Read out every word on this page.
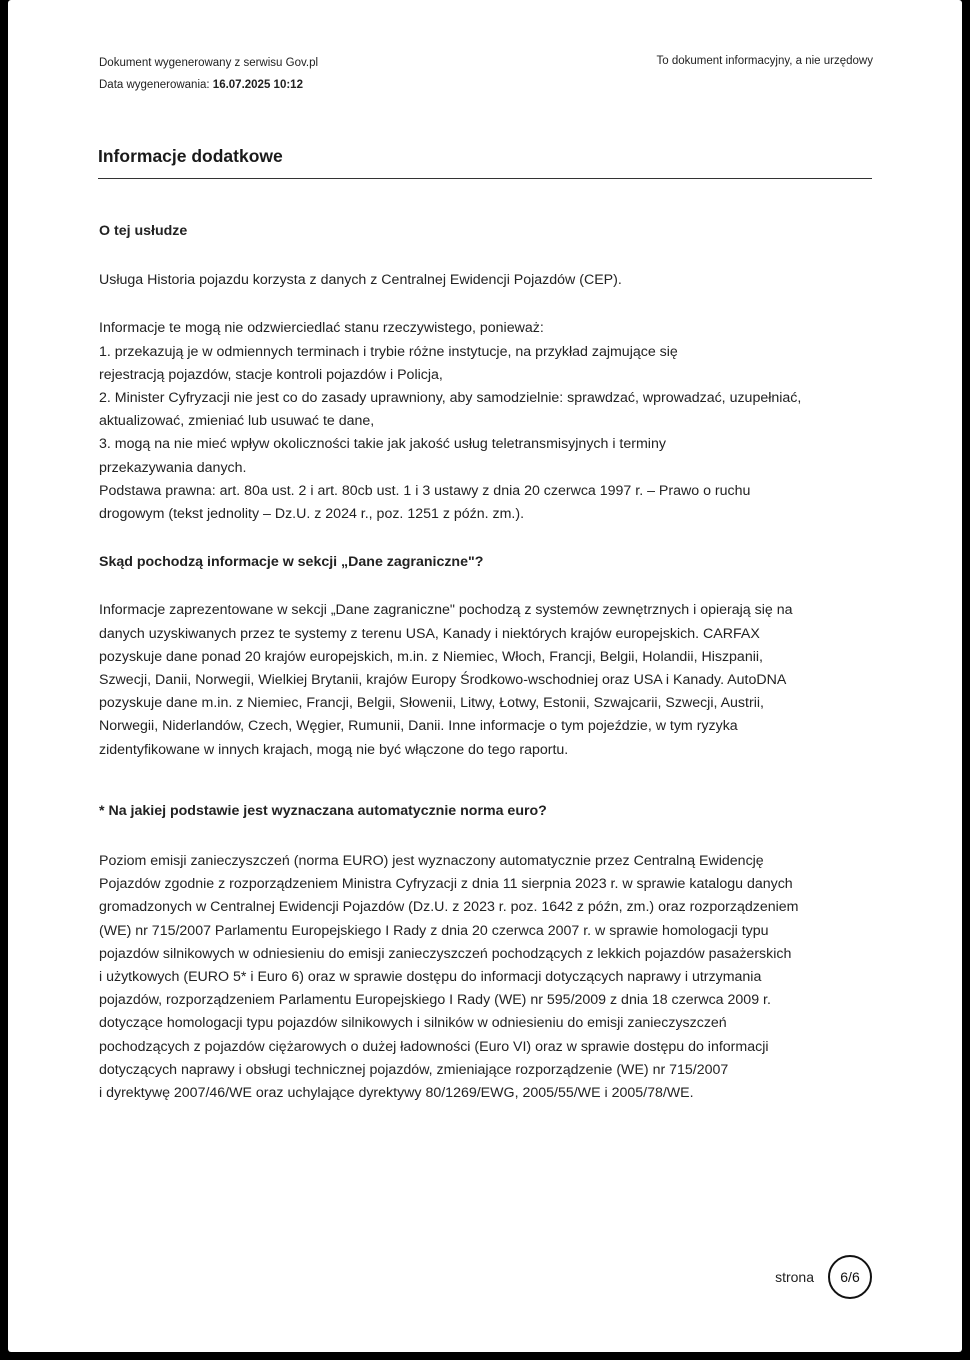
Dokument wygenerowany z serwisu Gov.pl
Data wygenerowania: 16.07.2025 10:12
To dokument informacyjny, a nie urzędowy
Informacje dodatkowe
O tej usłudze

Usługa Historia pojazdu korzysta z danych z Centralnej Ewidencji Pojazdów (CEP).

Informacje te mogą nie odzwierciedlać stanu rzeczywistego, ponieważ:

1. przekazują je w odmiennych terminach i trybie różne instytucje, na przykład zajmujące się

rejestracją pojazdów, stacje kontroli pojazdów i Policja,

2. Minister Cyfryzacji nie jest co do zasady uprawniony, aby samodzielnie: sprawdzać, wprowadzać, uzupełniać,

aktualizować, zmieniać lub usuwać te dane,

3. mogą na nie mieć wpływ okoliczności takie jak jakość usług teletransmisyjnych i terminy

przekazywania danych.

Podstawa prawna: art. 80a ust. 2 i art. 80cb ust. 1 i 3 ustawy z dnia 20 czerwca 1997 r. – Prawo o ruchu

drogowym (tekst jednolity – Dz.U. z 2024 r., poz. 1251 z późn. zm.).

Skąd pochodzą informacje w sekcji „Dane zagraniczne"?

Informacje zaprezentowane w sekcji „Dane zagraniczne" pochodzą z systemów zewnętrznych i opierają się na

danych uzyskiwanych przez te systemy z terenu USA, Kanady i niektórych krajów europejskich. CARFAX

pozyskuje dane ponad 20 krajów europejskich, m.in. z Niemiec, Włoch, Francji, Belgii, Holandii, Hiszpanii,

Szwecji, Danii, Norwegii, Wielkiej Brytanii, krajów Europy Środkowo-wschodniej oraz USA i Kanady. AutoDNA

pozyskuje dane m.in. z Niemiec, Francji, Belgii, Słowenii, Litwy, Łotwy, Estonii, Szwajcarii, Szwecji, Austrii,

Norwegii, Niderlandów, Czech, Węgier, Rumunii, Danii. Inne informacje o tym pojeździe, w tym ryzyka

zidentyfikowane w innych krajach, mogą nie być włączone do tego raportu.

* Na jakiej podstawie jest wyznaczana automatycznie norma euro?

Poziom emisji zanieczyszczeń (norma EURO) jest wyznaczony automatycznie przez Centralną Ewidencję

Pojazdów zgodnie z rozporządzeniem Ministra Cyfryzacji z dnia 11 sierpnia 2023 r. w sprawie katalogu danych

gromadzonych w Centralnej Ewidencji Pojazdów (Dz.U. z 2023 r. poz. 1642 z późn, zm.) oraz rozporządzeniem

(WE) nr 715/2007 Parlamentu Europejskiego I Rady z dnia 20 czerwca 2007 r. w sprawie homologacji typu

pojazdów silnikowych w odniesieniu do emisji zanieczyszczeń pochodzących z lekkich pojazdów pasażerskich

i użytkowych (EURO 5* i Euro 6) oraz w sprawie dostępu do informacji dotyczących naprawy i utrzymania

pojazdów, rozporządzeniem Parlamentu Europejskiego I Rady (WE) nr 595/2009 z dnia 18 czerwca 2009 r.

dotyczące homologacji typu pojazdów silnikowych i silników w odniesieniu do emisji zanieczyszczeń

pochodzących z pojazdów ciężarowych o dużej ładowności (Euro VI) oraz w sprawie dostępu do informacji

dotyczących naprawy i obsługi technicznej pojazdów, zmieniające rozporządzenie (WE) nr 715/2007

i dyrektywę 2007/46/WE oraz uchylające dyrektywy 80/1269/EWG, 2005/55/WE i 2005/78/WE.

strona 6/6
